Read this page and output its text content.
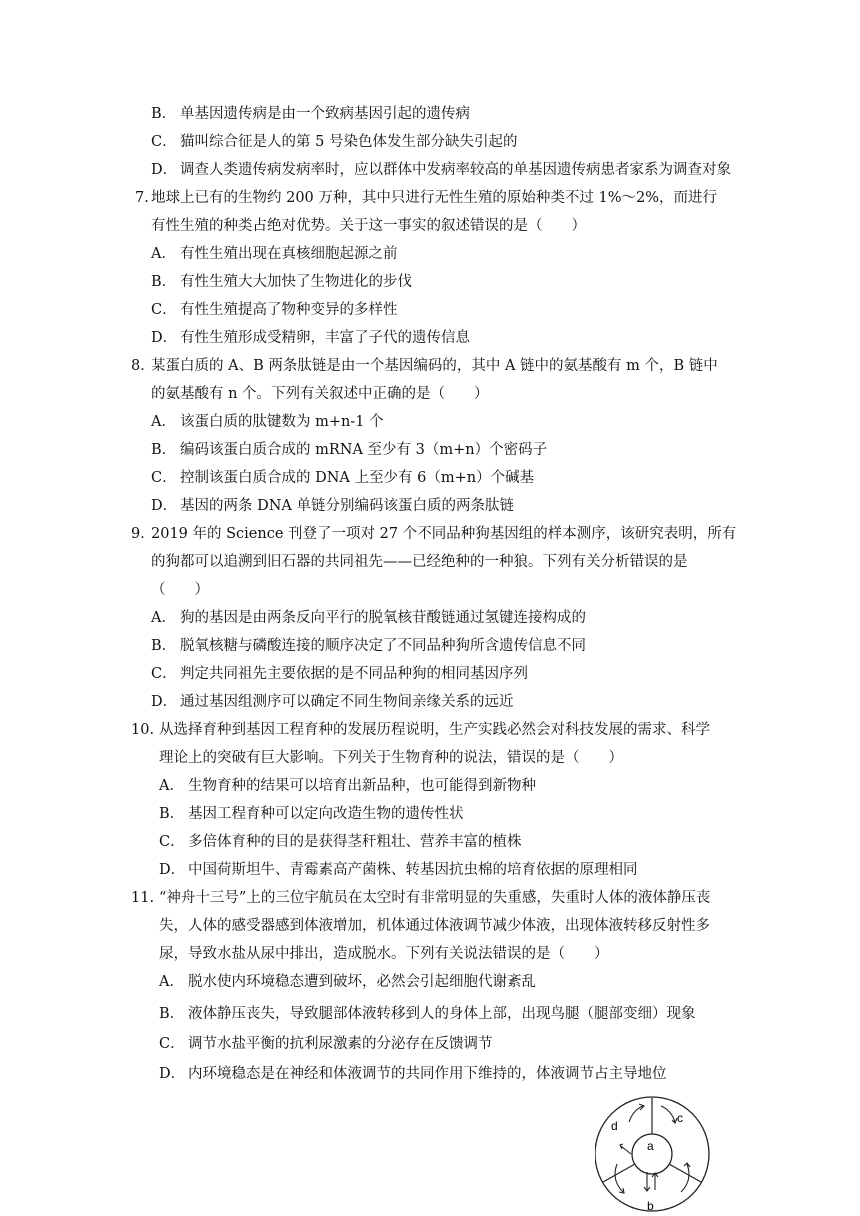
B． 单基因遗传病是由一个致病基因引起的遗传病
C． 猫叫综合征是人的第 5 号染色体发生部分缺失引起的
D． 调查人类遗传病发病率时，应以群体中发病率较高的单基因遗传病患者家系为调查对象
7. 地球上已有的生物约 200 万种，其中只进行无性生殖的原始种类不过 1%～2%，而进行
有性生殖的种类占绝对优势。关于这一事实的叙述错误的是（　　）
A． 有性生殖出现在真核细胞起源之前
B． 有性生殖大大加快了生物进化的步伐
C． 有性生殖提高了物种变异的多样性
D． 有性生殖形成受精卵，丰富了子代的遗传信息
8．
某蛋白质的 A、B 两条肽链是由一个基因编码的，其中 A 链中的氨基酸有 m 个，B 链中
的氨基酸有 n 个。下列有关叙述中正确的是（　　）
A． 该蛋白质的肽键数为 m+n-1 个
B． 编码该蛋白质合成的 mRNA 至少有 3（m+n）个密码子
C． 控制该蛋白质合成的 DNA 上至少有 6（m+n）个碱基
D． 基因的两条 DNA 单链分别编码该蛋白质的两条肽链
9．
2019 年的 Science 刊登了一项对 27 个不同品种狗基因组的样本测序，该研究表明，所有
的狗都可以追溯到旧石器的共同祖先——已经绝种的一种狼。下列有关分析错误的是
（　　）
A． 狗的基因是由两条反向平行的脱氧核苷酸链通过氢键连接构成的
B． 脱氧核糖与磷酸连接的顺序决定了不同品种狗所含遗传信息不同
C． 判定共同祖先主要依据的是不同品种狗的相同基因序列
D． 通过基因组测序可以确定不同生物间亲缘关系的远近
10. 从选择育种到基因工程育种的发展历程说明，生产实践必然会对科技发展的需求、科学
理论上的突破有巨大影响。下列关于生物育种的说法，错误的是（　　）
A． 生物育种的结果可以培育出新品种，也可能得到新物种
B． 基因工程育种可以定向改造生物的遗传性状
C． 多倍体育种的目的是获得茎秆粗壮、营养丰富的植株
D． 中国荷斯坦牛、青霉素高产菌株、转基因抗虫棉的培育依据的原理相同
11. “神舟十三号”上的三位宇航员在太空时有非常明显的失重感，失重时人体的液体静压丧
失，人体的感受器感到体液增加，机体通过体液调节减少体液，出现体液转移反射性多
尿，导致水盐从尿中排出，造成脱水。下列有关说法错误的是（　　）
A． 脱水使内环境稳态遭到破坏，必然会引起细胞代谢紊乱
B． 液体静压丧失，导致腿部体液转移到人的身体上部，出现鸟腿（腿部变细）现象
C． 调节水盐平衡的抗利尿激素的分泌存在反馈调节
D． 内环境稳态是在神经和体液调节的共同作用下维持的，体液调节占主导地位
a
b
c
d
